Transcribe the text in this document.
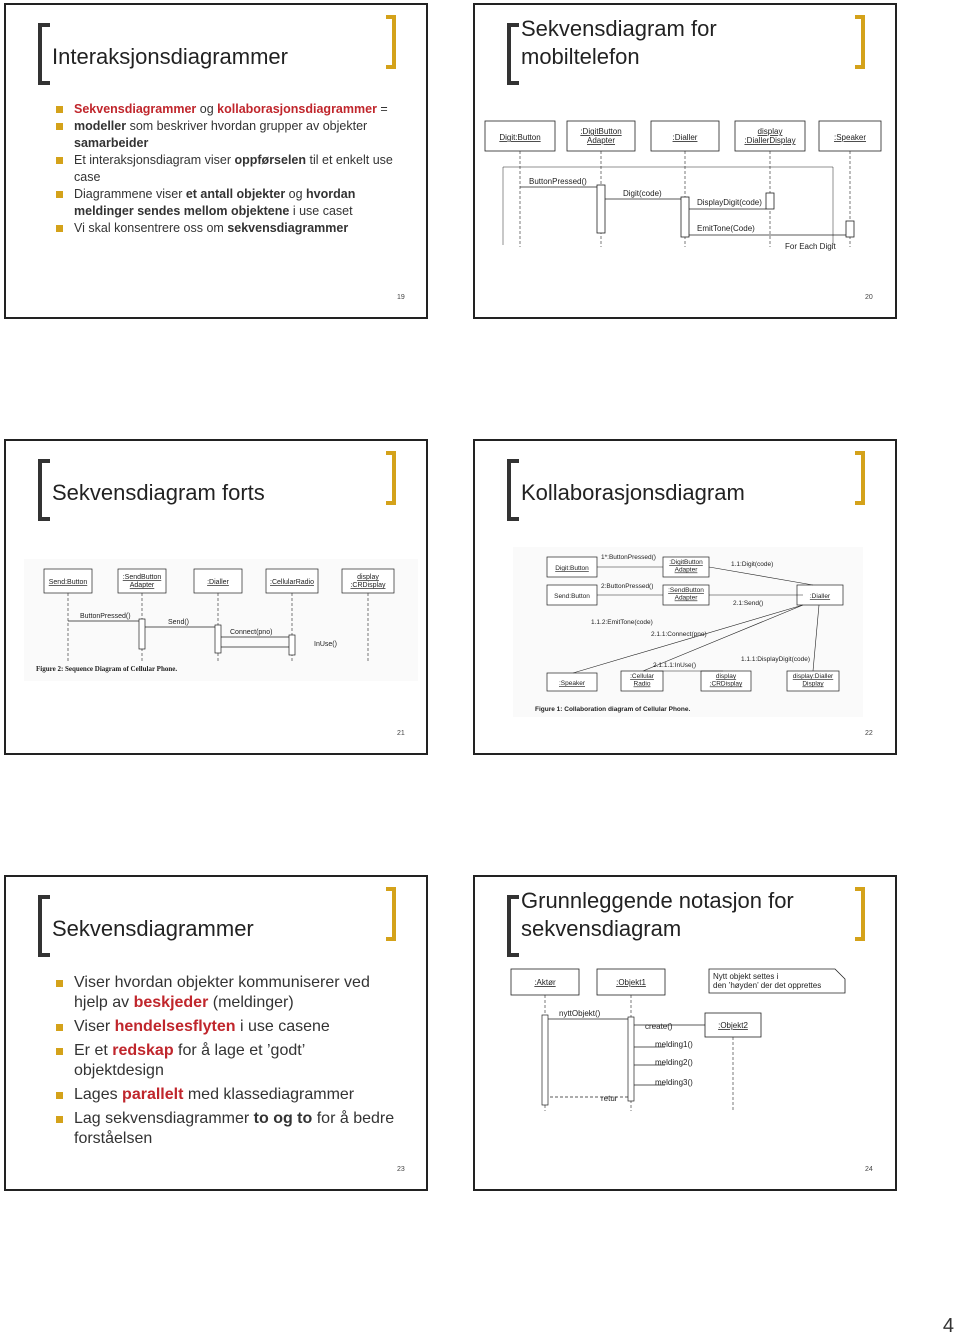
Interaksjonsdiagrammer
Sekvensdiagrammer og kollaborasjonsdiagrammer =
modeller som beskriver hvordan grupper av objekter samarbeider
Et interaksjonsdiagram viser oppførselen til et enkelt use case
Diagrammene viser et antall objekter og hvordan meldinger sendes mellom objektene i use caset
Vi skal konsentrere oss om sekvensdiagrammer
19
Sekvensdiagram for
mobiltelefon
Digit:Button
:DigitButton Adapter	:Dialler
display :DiallerDisplay	:Speaker
ButtonPressed()
Digit(code)
DisplayDigit(code)
EmitTone(Code)
For Each Digit
20
Sekvensdiagram forts
Send:Button
:SendButton Adapter	:Dialler	:CellularRadio
display :CRDisplay
ButtonPressed()
Send()
Connect(pno)
InUse()
Figure 2: Sequence Diagram of Cellular Phone.
21
Kollaborasjonsdiagram
Digit:Button
Send:Button
:DigitButton Adapter
:SendButton Adapter	:Dialler
:Speaker
:Cellular Radio
display :CRDisplay
display:Dialler Display
1*:ButtonPressed()
2:ButtonPressed()
1.1:Digit(code)
2.1:Send()
1.1.2:EmitTone(code)
2.1.1:Connect(pno)
2.1.1.1:InUse()
1.1.1:DisplayDigit(code)
Figure 1: Collaboration diagram of Cellular Phone.
22
Sekvensdiagrammer
Viser hvordan objekter kommuniserer ved hjelp av beskjeder (meldinger)
Viser hendelsesflyten i use casene
Er et redskap for å lage et ’godt’ objektdesign
Lages parallelt med klassediagrammer
Lag sekvensdiagrammer to og to for å bedre forståelsen
23
Grunnleggende notasjon for
sekvensdiagram
:Aktør	:Objekt1
:Objekt2
Nytt objekt settes i den ’høyden’ der det opprettes
nyttObjekt()
create()
melding1()
melding2()
melding3()
retur
24
4
